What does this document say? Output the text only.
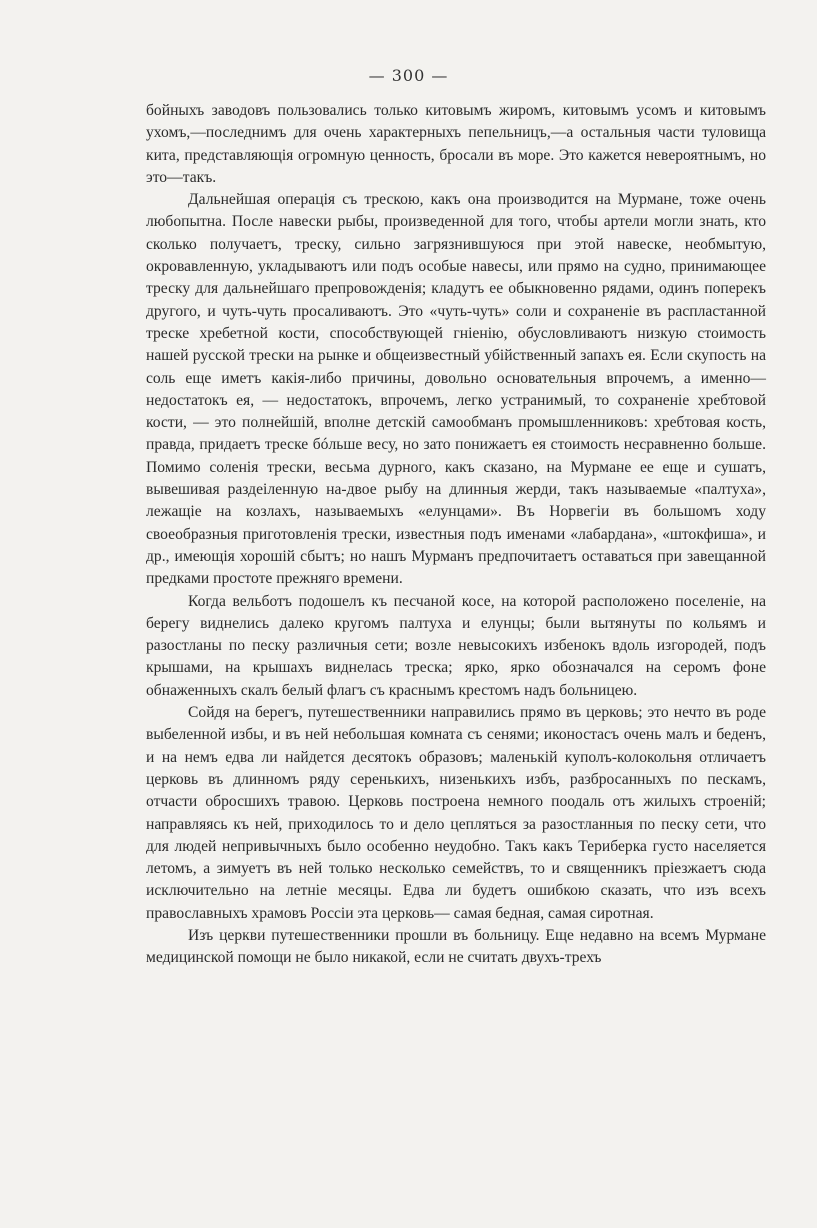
— 300 —

бойныхъ заводовъ пользовались только китовымъ жиромъ, китовымъ усомъ и китовымъ ухомъ,—последнимъ для очень характерныхъ пепельницъ,—а остальныя части туловища кита, представляющія огромную ценность, бросали въ море. Это кажется невероятнымъ, но это—такъ.

Дальнейшая операція съ трескою, какъ она производится на Мурмане, тоже очень любопытна. После навески рыбы, произведенной для того, чтобы артели могли знать, кто сколько получаетъ, треску, сильно загрязнившуюся при этой навеске, необмытую, окровавленную, укладываютъ или подъ особые навесы, или прямо на судно, принимающее треску для дальнейшаго препровожденія; кладутъ ее обыкновенно рядами, одинъ поперекъ другого, и чуть-чуть просаливаютъ. Это «чуть-чуть» соли и сохраненіе въ распластанной треске хребетной кости, способствующей гніенію, обусловливаютъ низкую стоимость нашей русской трески на рынке и общеизвестный убійственный запахъ ея. Если скупость на соль еще иметъ какія-либо причины, довольно основательныя впрочемъ, а именно— недостатокъ ея, — недостатокъ, впрочемъ, легко устранимый, то сохраненіе хребтовой кости, — это полнейшій, вполне детскій самообманъ промышленниковъ: хребтовая кость, правда, придаетъ треске бóльше весу, но зато понижаетъ ея стоимость несравненно больше. Помимо соленія трески, весьма дурного, какъ сказано, на Мурмане ее еще и сушатъ, вывешивая раздеіленную на-двое рыбу на длинныя жерди, такъ называемые «палтуха», лежащіе на козлахъ, называемыхъ «елунцами». Въ Норвегіи въ большомъ ходу своеобразныя приготовленія трески, известныя подъ именами «лабардана», «штокфиша», и др., имеющія хорошій сбытъ; но нашъ Мурманъ предпочитаетъ оставаться при завещанной предками простоте прежняго времени.

Когда вельботъ подошелъ къ песчаной косе, на которой расположено поселеніе, на берегу виднелись далеко кругомъ палтуха и елунцы; были вытянуты по кольямъ и разостланы по песку различныя сети; возле невысокихъ избенокъ вдоль изгородей, подъ крышами, на крышахъ виднелась треска; ярко, ярко обозначался на серомъ фоне обнаженныхъ скалъ белый флагъ съ краснымъ крестомъ надъ больницею.

Сойдя на берегъ, путешественники направились прямо въ церковь; это нечто въ роде выбеленной избы, и въ ней небольшая комната съ сенями; иконостасъ очень малъ и беденъ, и на немъ едва ли найдется десятокъ образовъ; маленькій куполъ-колокольня отличаетъ церковь въ длинномъ ряду серенькихъ, низенькихъ избъ, разбросанныхъ по пескамъ, отчасти обросшихъ травою. Церковь построена немного поодаль отъ жилыхъ строеній; направляясь къ ней, приходилось то и дело цепляться за разостланныя по песку сети, что для людей непривычныхъ было особенно неудобно. Такъ какъ Териберка густо населяется летомъ, а зимуетъ въ ней только несколько семействъ, то и священникъ пріезжаетъ сюда исключительно на летніе месяцы. Едва ли будетъ ошибкою сказать, что изъ всехъ православныхъ храмовъ Россіи эта церковь— самая бедная, самая сиротная.

Изъ церкви путешественники прошли въ больницу. Еще недавно на всемъ Мурмане медицинской помощи не было никакой, если не считать двухъ-трехъ
